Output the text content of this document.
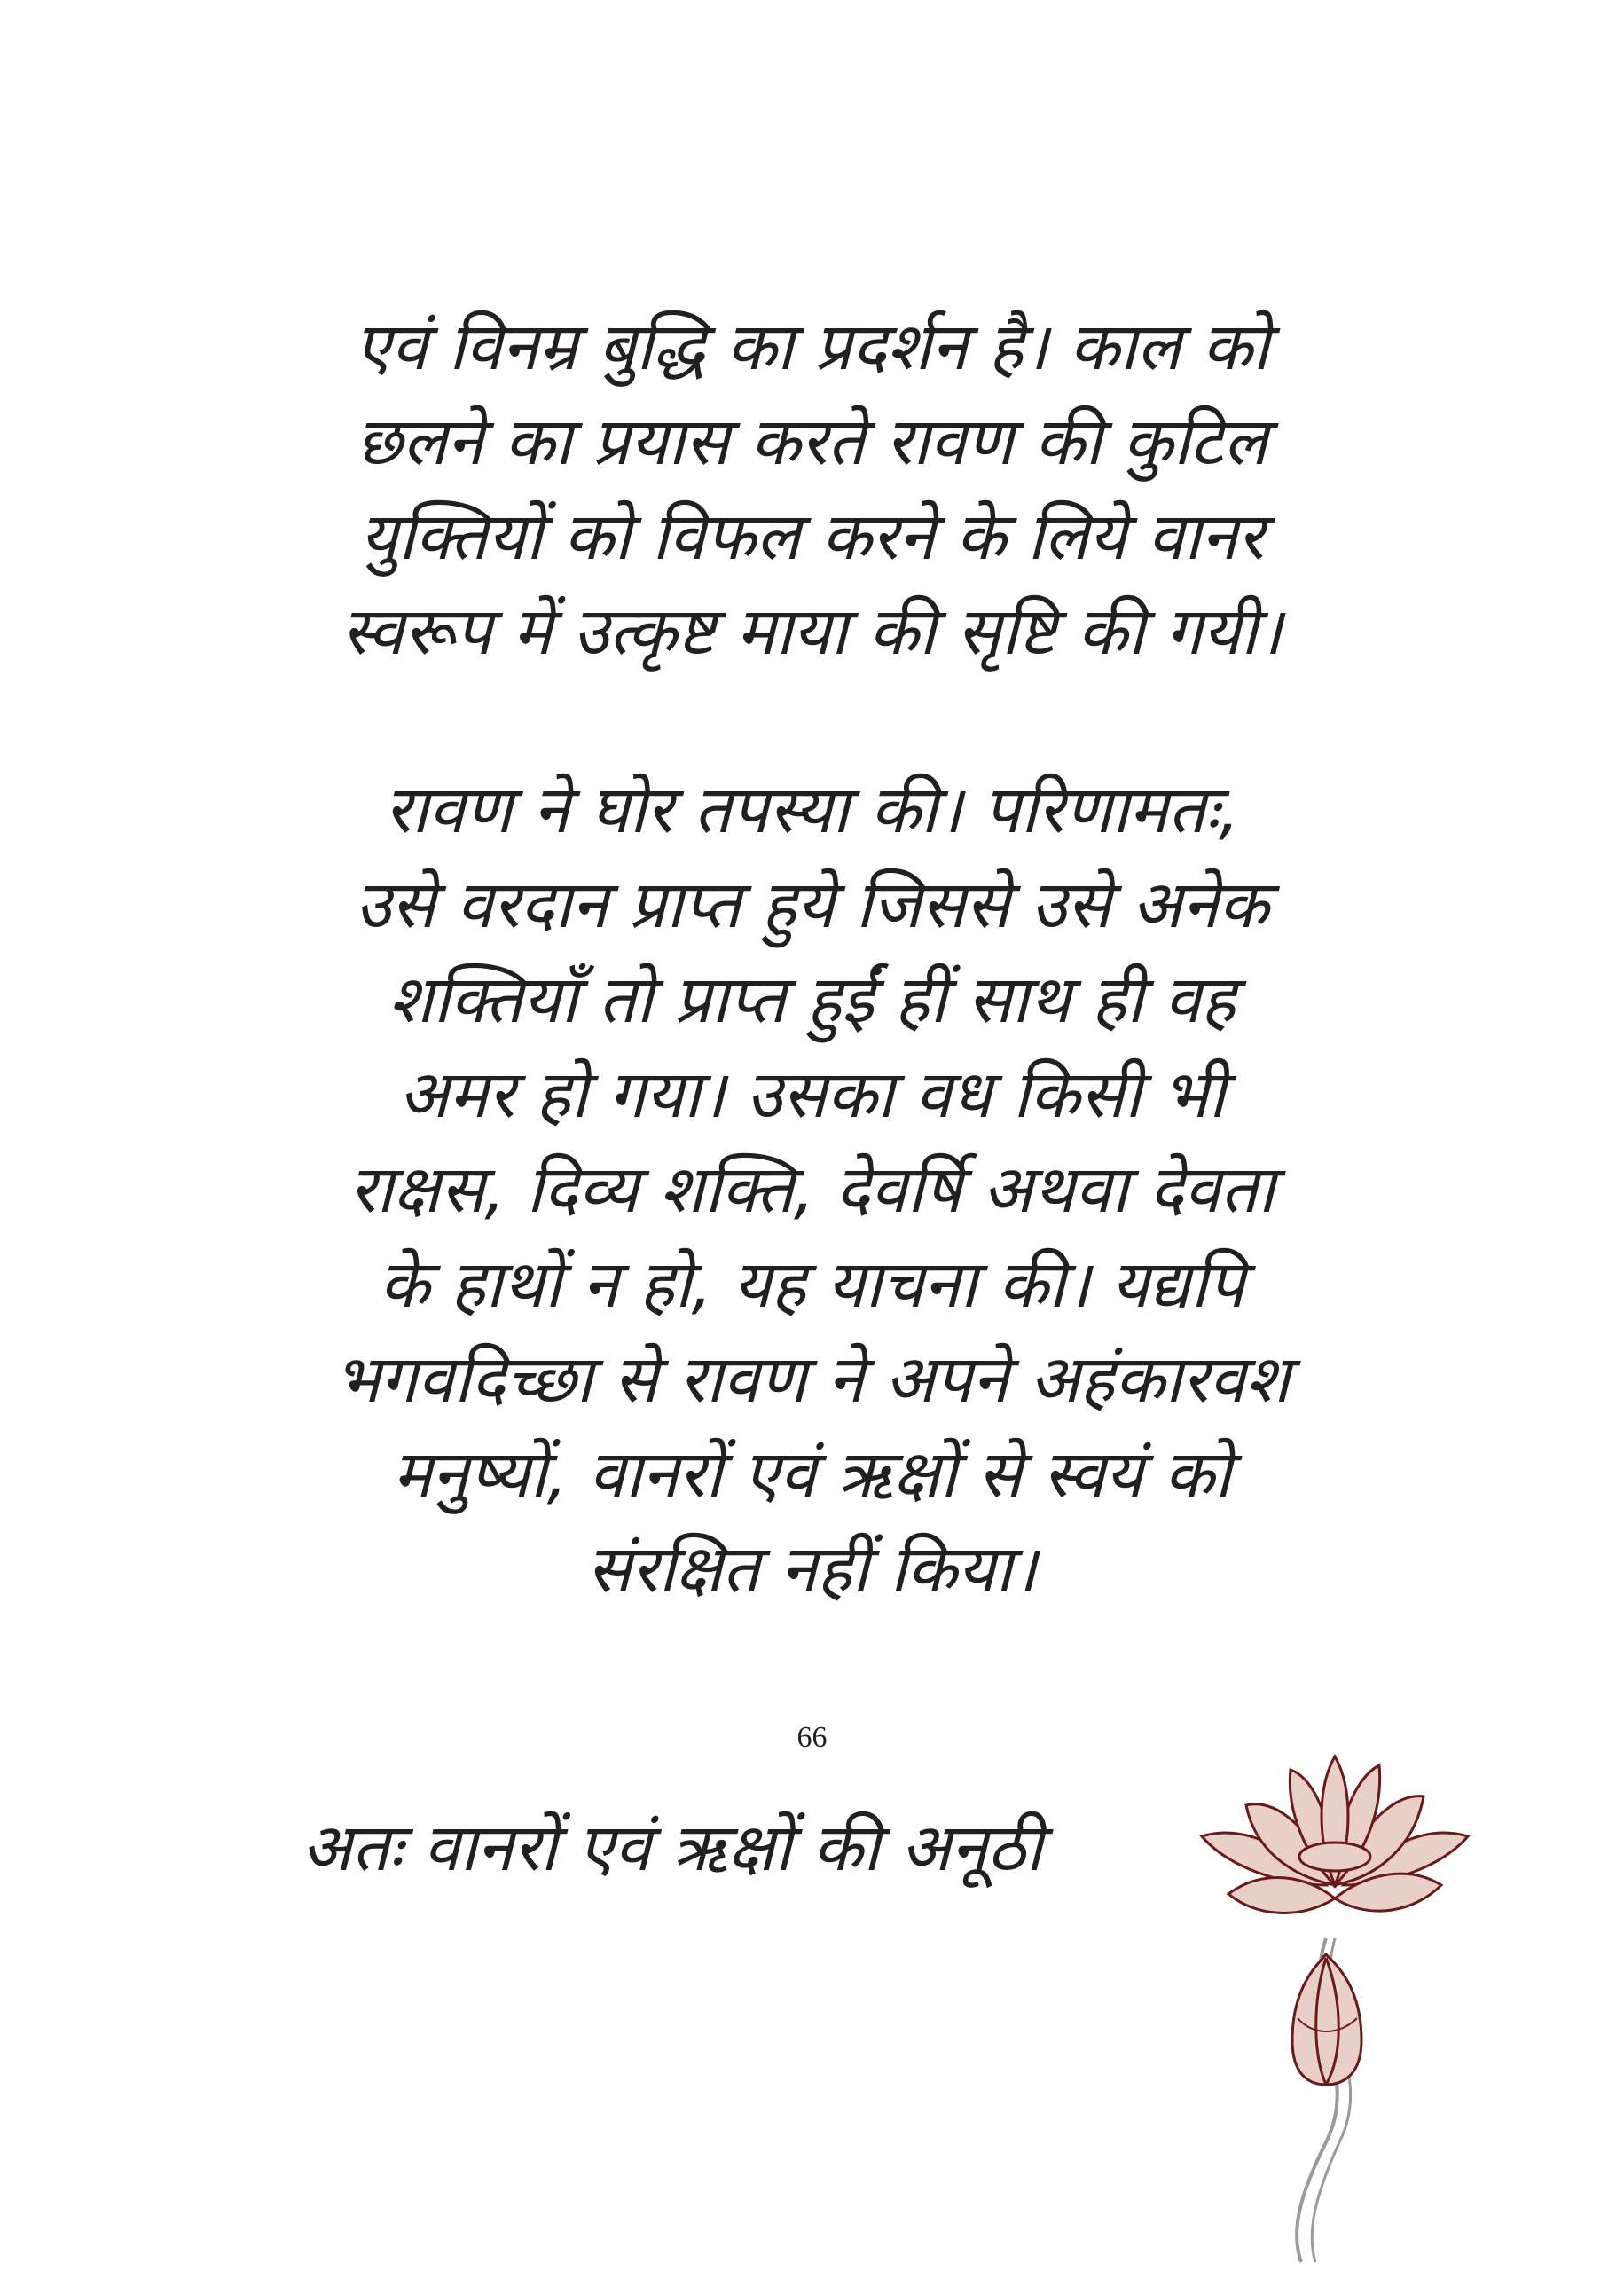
एवं विनम्र बुद्धि का प्रदर्शन है। काल को
छलने का प्रयास करते रावण की कुटिल
युक्तियों को विफल करने के लिये वानर
स्वरूप में उत्कृष्ट माया की सृष्टि की गयी।
रावण ने घोर तपस्या की। परिणामतः,
उसे वरदान प्राप्त हुये जिससे उसे अनेक
शक्तियाँ तो प्राप्त हुईं हीं साथ ही वह
अमर हो गया। उसका वध किसी भी
राक्षस, दिव्य शक्ति, देवर्षि अथवा देवता
के हाथों न हो, यह याचना की। यद्यपि
भगवदिच्छा से रावण ने अपने अहंकारवश
मनुष्यों, वानरों एवं ऋक्षों से स्वयं को
संरक्षित नहीं किया।
अतः वानरों एवं ऋक्षों की अनूठी
66
